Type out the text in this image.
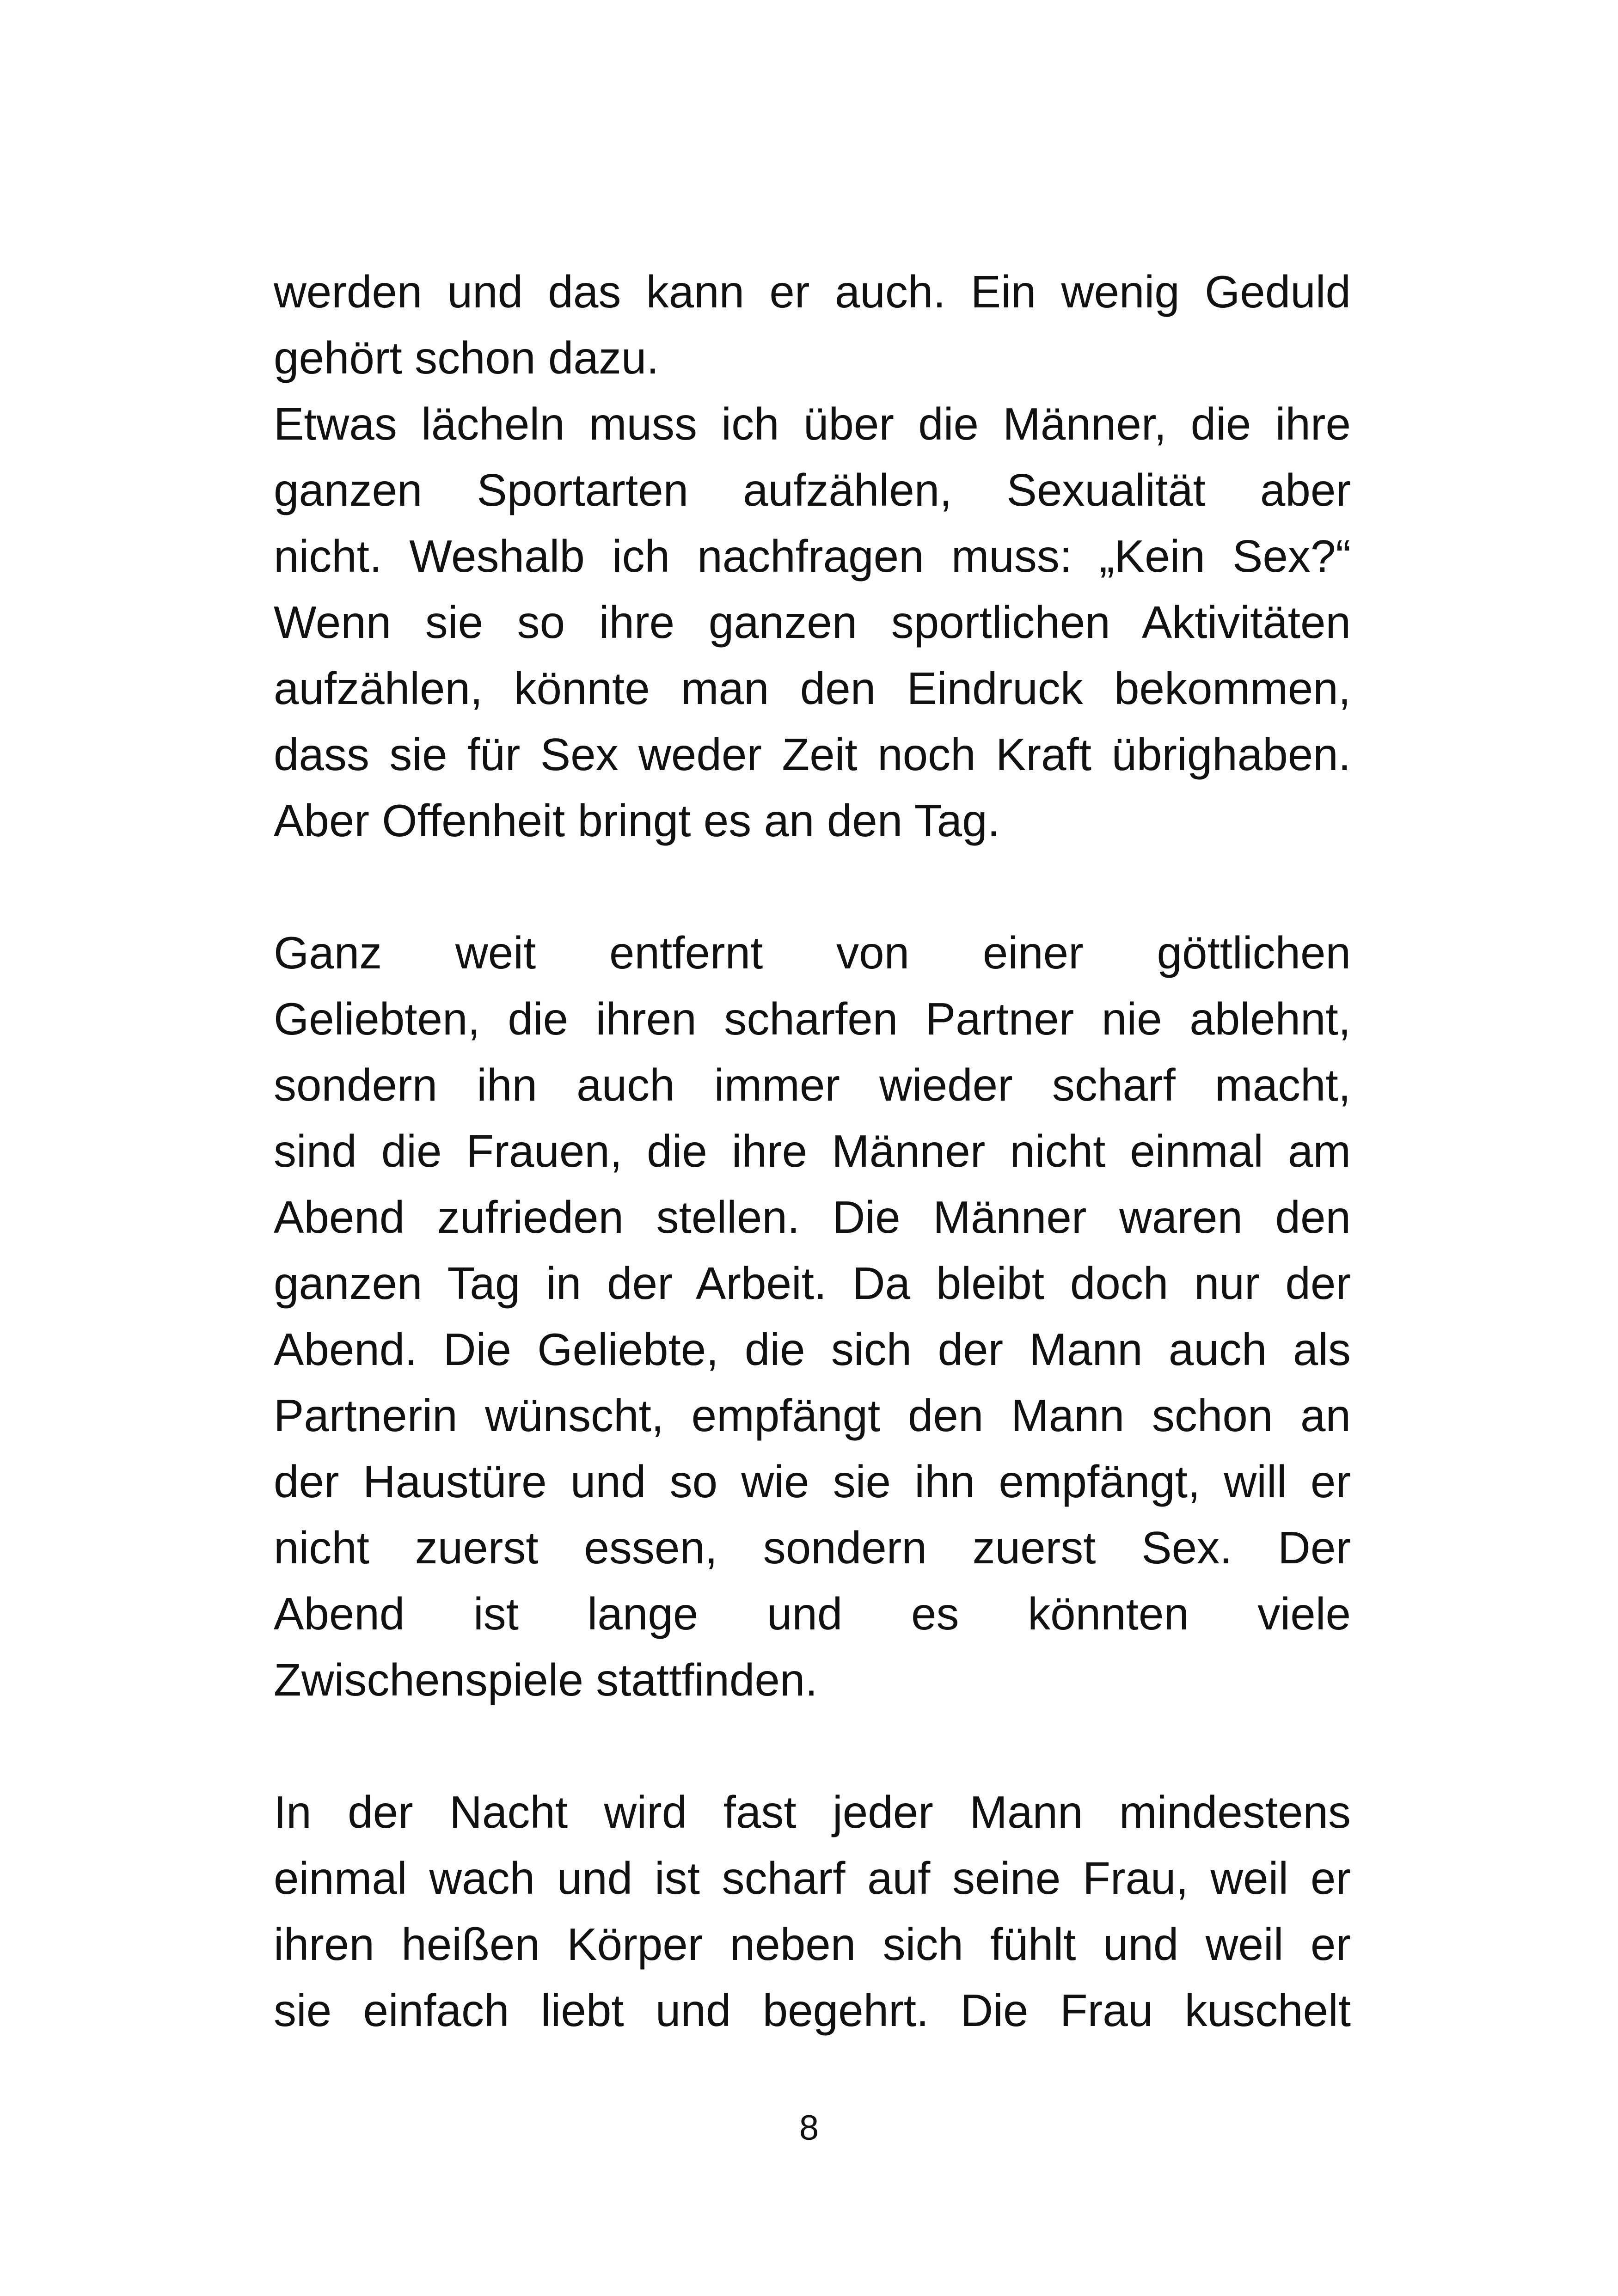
werden und das kann er auch. Ein wenig Geduld
gehört schon dazu.
Etwas lächeln muss ich über die Männer, die ihre
ganzen Sportarten aufzählen, Sexualität aber
nicht. Weshalb ich nachfragen muss: „Kein Sex?“
Wenn sie so ihre ganzen sportlichen Aktivitäten
aufzählen, könnte man den Eindruck bekommen,
dass sie für Sex weder Zeit noch Kraft übrighaben.
Aber Offenheit bringt es an den Tag.
Ganz weit entfernt von einer göttlichen
Geliebten, die ihren scharfen Partner nie ablehnt,
sondern ihn auch immer wieder scharf macht,
sind die Frauen, die ihre Männer nicht einmal am
Abend zufrieden stellen. Die Männer waren den
ganzen Tag in der Arbeit. Da bleibt doch nur der
Abend. Die Geliebte, die sich der Mann auch als
Partnerin wünscht, empfängt den Mann schon an
der Haustüre und so wie sie ihn empfängt, will er
nicht zuerst essen, sondern zuerst Sex. Der
Abend ist lange und es könnten viele
Zwischenspiele stattfinden.
In der Nacht wird fast jeder Mann mindestens
einmal wach und ist scharf auf seine Frau, weil er
ihren heißen Körper neben sich fühlt und weil er
sie einfach liebt und begehrt. Die Frau kuschelt
8
